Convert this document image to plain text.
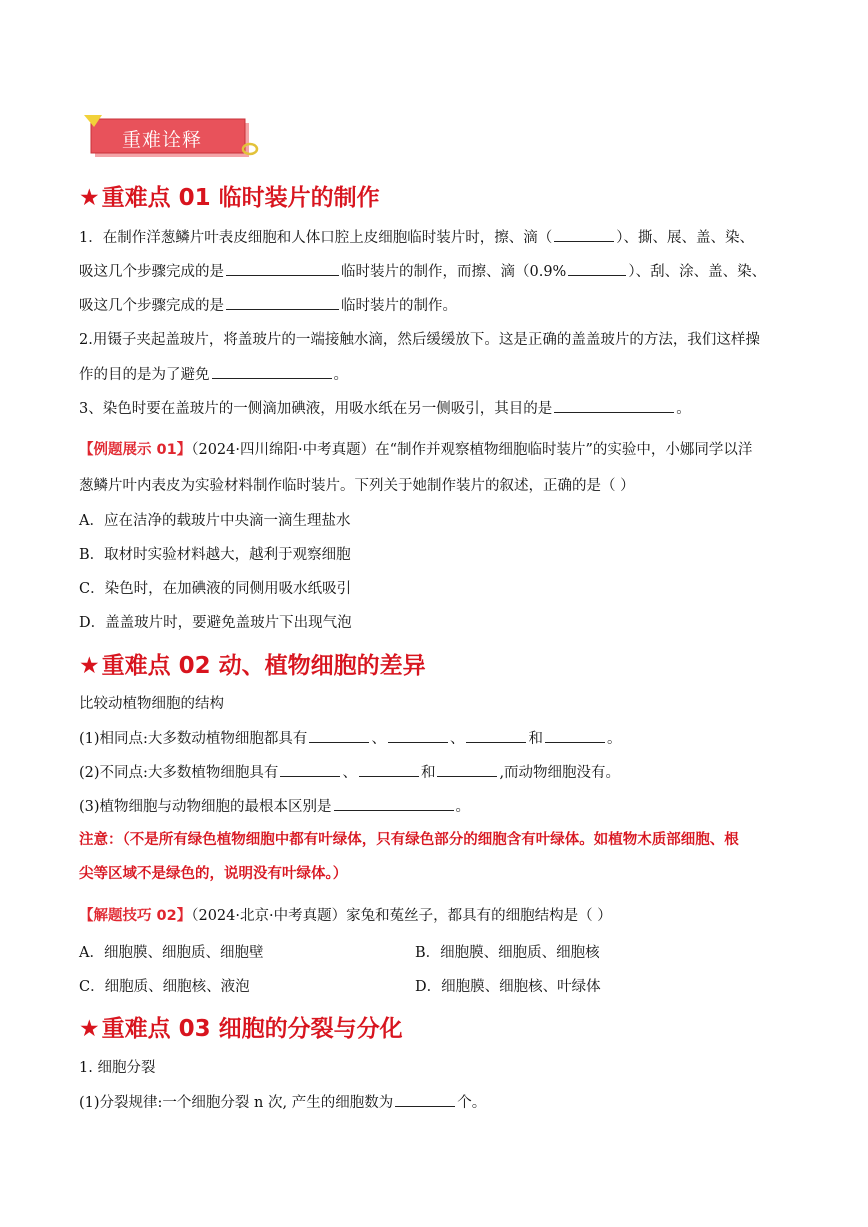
重难诠释
★重难点 01 临时装片的制作
1．在制作洋葱鳞片叶表皮细胞和人体口腔上皮细胞临时装片时，擦、滴（	）、撕、展、盖、染、
吸这几个步骤完成的是	临时装片的制作，而擦、滴（0.9%	）、刮、涂、盖、染、
吸这几个步骤完成的是	临时装片的制作。
2.用镊子夹起盖玻片，将盖玻片的一端接触水滴，然后缓缓放下。这是正确的盖盖玻片的方法，我们这样操
作的目的是为了避免	。
3、染色时要在盖玻片的一侧滴加碘液，用吸水纸在另一侧吸引，其目的是	。
【例题展示 01】（2024·四川绵阳·中考真题）在“制作并观察植物细胞临时装片”的实验中，小娜同学以洋
葱鳞片叶内表皮为实验材料制作临时装片。下列关于她制作装片的叙述，正确的是（ ）
A．应在洁净的载玻片中央滴一滴生理盐水
B．取材时实验材料越大，越利于观察细胞
C．染色时，在加碘液的同侧用吸水纸吸引
D．盖盖玻片时，要避免盖玻片下出现气泡
★重难点 02 动、植物细胞的差异
比较动植物细胞的结构
(1)相同点:大多数动植物细胞都具有	、	、	和	。
(2)不同点:大多数植物细胞具有	、	和	,而动物细胞没有。
(3)植物细胞与动物细胞的最根本区别是	。
注意：（不是所有绿色植物细胞中都有叶绿体，只有绿色部分的细胞含有叶绿体。如植物木质部细胞、根
尖等区域不是绿色的，说明没有叶绿体。）
【解题技巧 02】（2024·北京·中考真题）家兔和菟丝子，都具有的细胞结构是（ ）
A．细胞膜、细胞质、细胞壁	B．细胞膜、细胞质、细胞核
C．细胞质、细胞核、液泡	D．细胞膜、细胞核、叶绿体
★重难点 03 细胞的分裂与分化
1. 细胞分裂
(1)分裂规律:一个细胞分裂 n 次, 产生的细胞数为	个。
